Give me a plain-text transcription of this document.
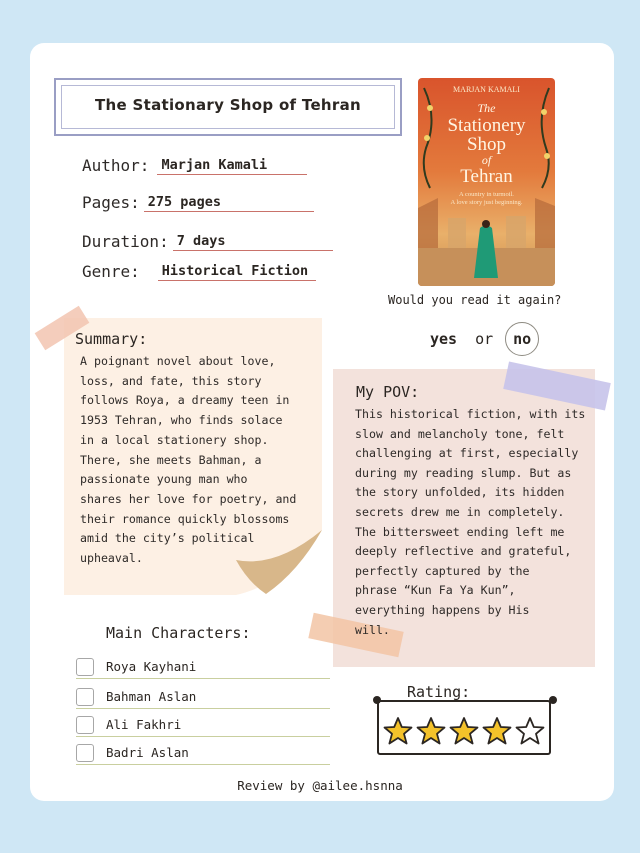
The Stationary Shop of Tehran
Author: Marjan Kamali
Pages: 275 pages
Duration: 7 days
Genre: Historical Fiction
MARJAN KAMALI
The
Stationery
Shop
of
Tehran
A country in turmoil.
A love story just beginning.
Would you read it again?
yes or no
Summary:
A poignant novel about love,
loss, and fate, this story
follows Roya, a dreamy teen in
1953 Tehran, who finds solace
in a local stationery shop.
There, she meets Bahman, a
passionate young man who
shares her love for poetry, and
their romance quickly blossoms
amid the city’s political
upheaval.
My POV:
This historical fiction, with its
slow and melancholy tone, felt
challenging at first, especially
during my reading slump. But as
the story unfolded, its hidden
secrets drew me in completely.
The bittersweet ending left me
deeply reflective and grateful,
perfectly captured by the
phrase “Kun Fa Ya Kun”,
everything happens by His
will.
Main Characters:
Roya Kayhani
Bahman Aslan
Ali Fakhri
Badri Aslan
Rating:
Review by @ailee.hsnna
